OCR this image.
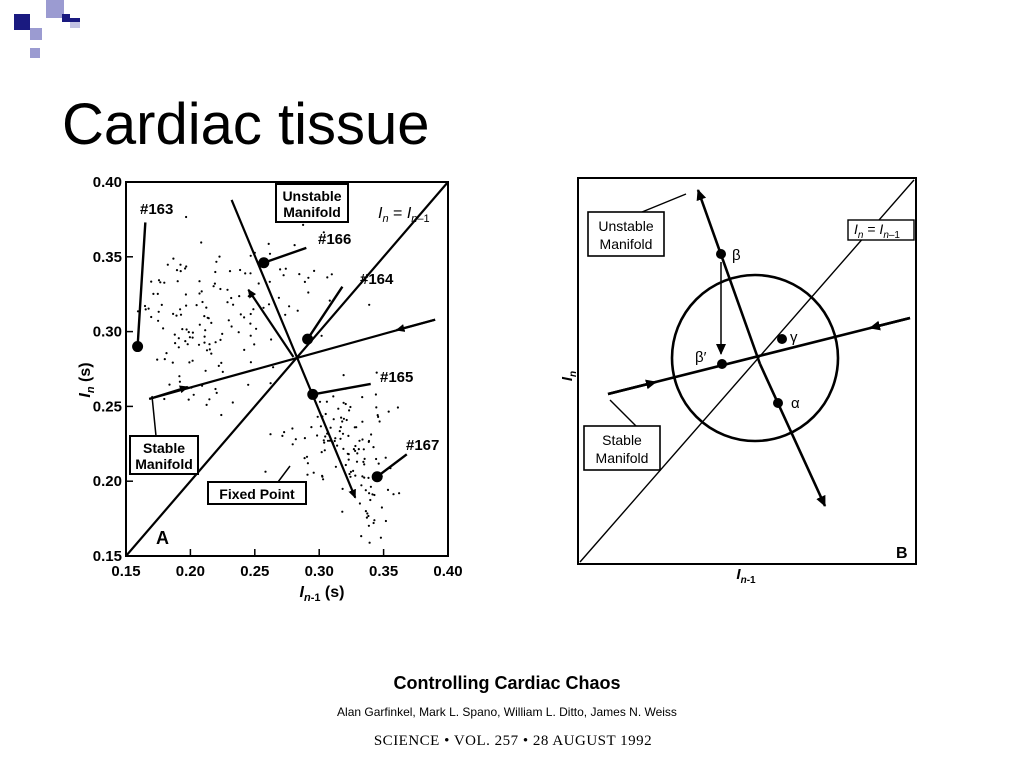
Cardiac tissue
0.15 0.20 0.25 0.30 0.35 0.40
0.15
0.20
0.25
0.30
0.35
0.40
#163
#166
#164
#165
#167
Unstable
Manifold
Fixed Point
Stable
Manifold
A
$I_n-1$ (s)
$I_n$ (s)
$I_n = I_n-1$
β
β′
γ
α
Unstable
Manifold
Stable
Manifold
B
$I_n-1$
$I_n$
$I_n = I_n-1$
Controlling Cardiac Chaos
Alan Garfinkel, Mark L. Spano, William L. Ditto, James N. Weiss
SCIENCE • VOL. 257 • 28 AUGUST 1992
